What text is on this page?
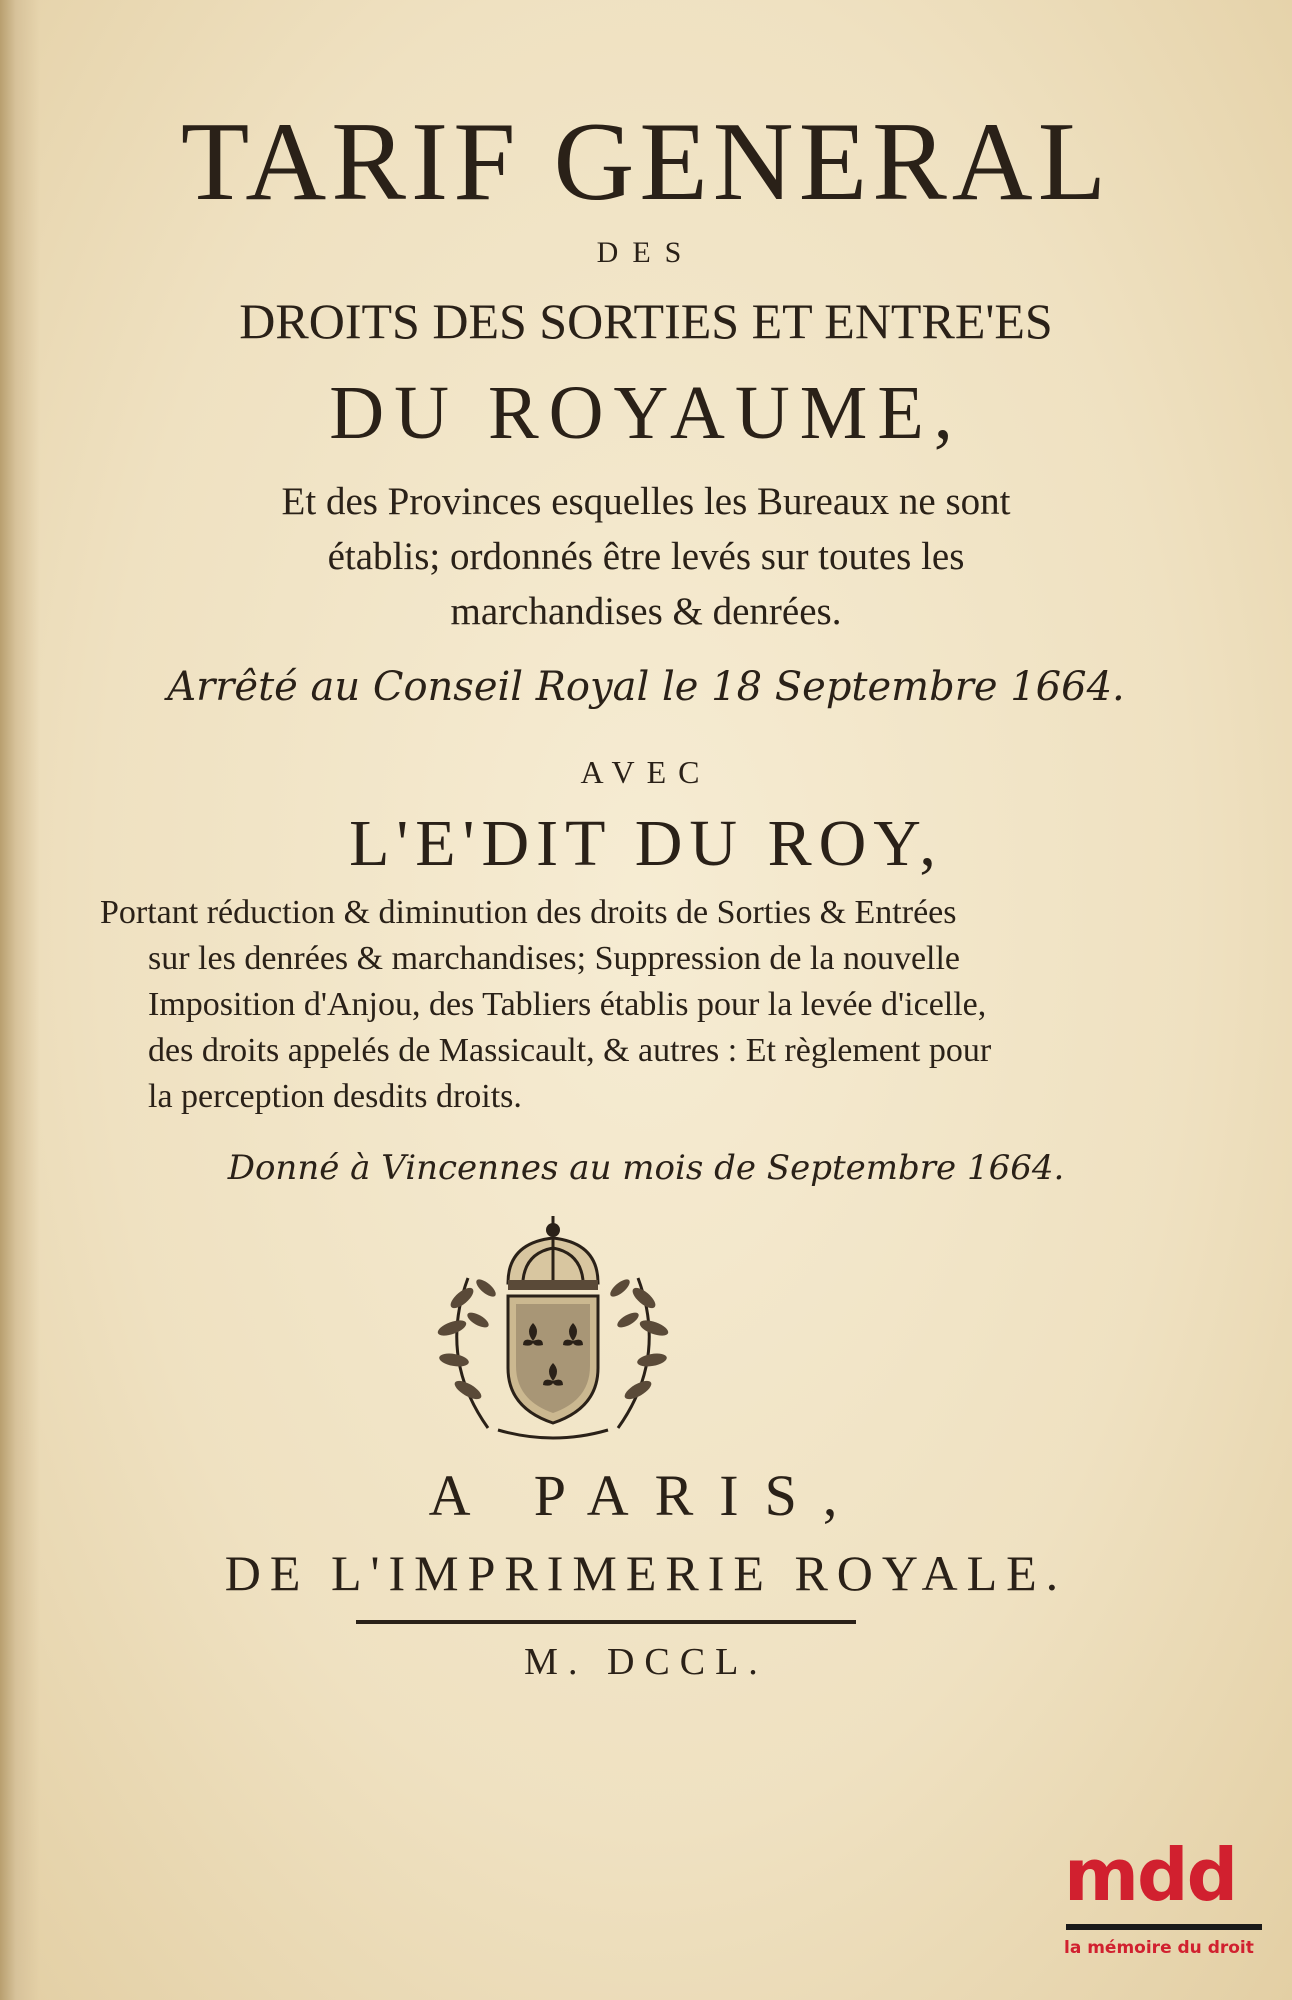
TARIF GENERAL
DES
DROITS DES SORTIES ET ENTRE'ES
DU ROYAUME,
Et des Provinces esquelles les Bureaux ne sont
établis; ordonnés être levés sur toutes les
marchandises & denrées.
Arrêté au Conseil Royal le 18 Septembre 1664.
AVEC
L'E'DIT DU ROY,
Portant réduction & diminution des droits de Sorties & Entrées
sur les denrées & marchandises; Suppression de la nouvelle
Imposition d'Anjou, des Tabliers établis pour la levée d'icelle,
des droits appelés de Massicault, & autres : Et règlement pour
la perception desdits droits.
Donné à Vincennes au mois de Septembre 1664.
A PARIS,
DE L'IMPRIMERIE ROYALE.
M. DCCL.
mdd
la mémoire du droit
